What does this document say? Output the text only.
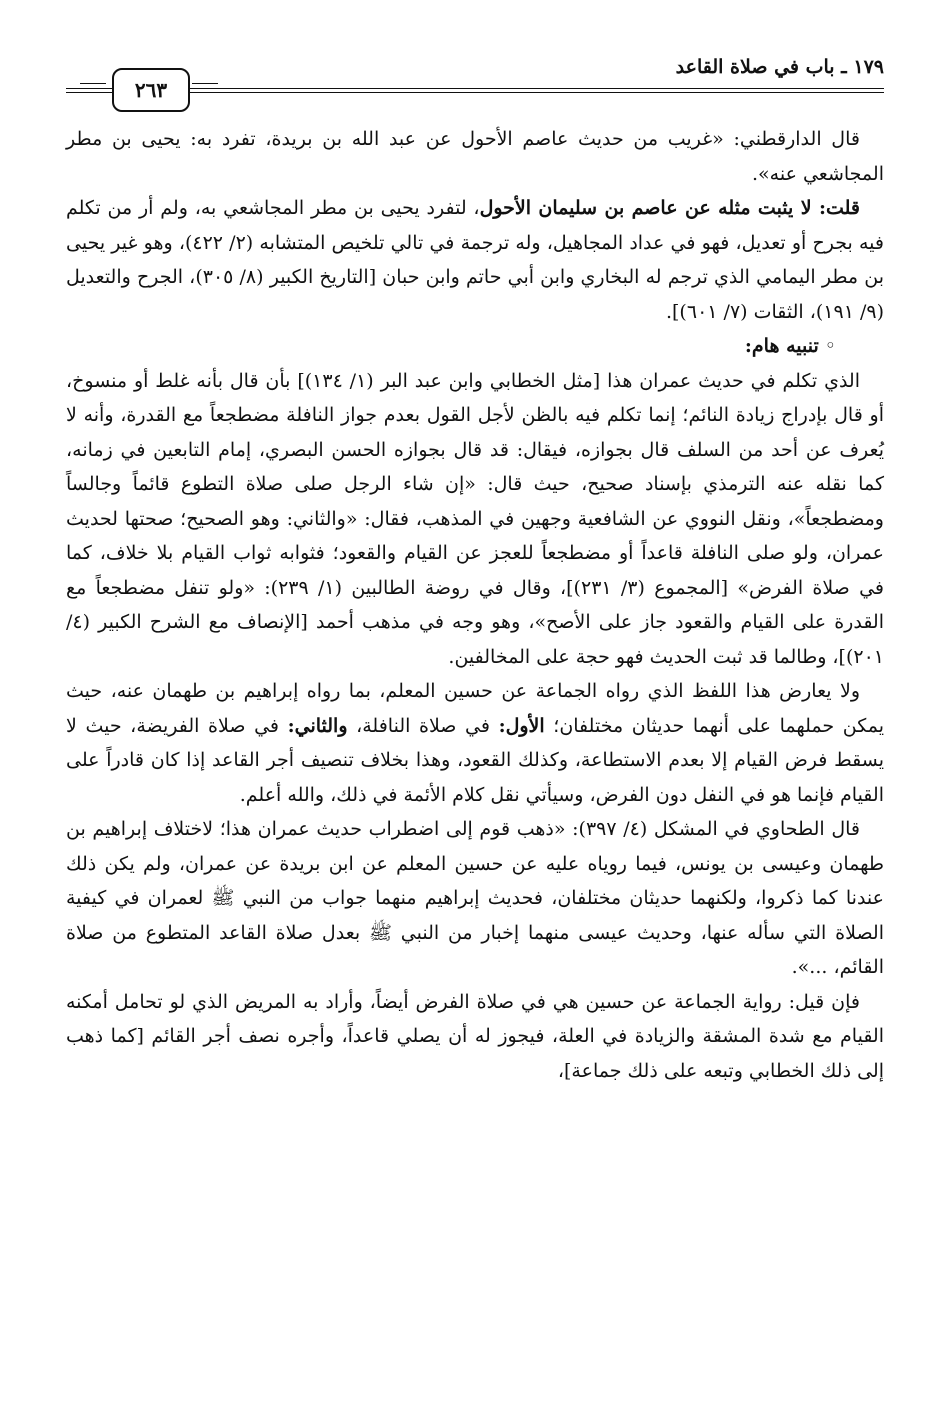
١٧٩ ـ باب في صلاة القاعد
٢٦٣

قال الدارقطني: «غريب من حديث عاصم الأحول عن عبد الله بن بريدة، تفرد به: يحيى بن مطر المجاشعي عنه».

قلت: لا يثبت مثله عن عاصم بن سليمان الأحول، لتفرد يحيى بن مطر المجاشعي به، ولم أر من تكلم فيه بجرح أو تعديل، فهو في عداد المجاهيل، وله ترجمة في تالي تلخيص المتشابه (٢/ ٤٢٢)، وهو غير يحيى بن مطر اليمامي الذي ترجم له البخاري وابن أبي حاتم وابن حبان [التاريخ الكبير (٨/ ٣٠٥)، الجرح والتعديل (٩/ ١٩١)، الثقات (٧/ ٦٠١)].

◦تنبيه هام:

الذي تكلم في حديث عمران هذا [مثل الخطابي وابن عبد البر (١/ ١٣٤)] بأن قال بأنه غلط أو منسوخ، أو قال بإدراج زيادة النائم؛ إنما تكلم فيه بالظن لأجل القول بعدم جواز النافلة مضطجعاً مع القدرة، وأنه لا يُعرف عن أحد من السلف قال بجوازه، فيقال: قد قال بجوازه الحسن البصري، إمام التابعين في زمانه، كما نقله عنه الترمذي بإسناد صحيح، حيث قال: «إن شاء الرجل صلى صلاة التطوع قائماً وجالساً ومضطجعاً»، ونقل النووي عن الشافعية وجهين في المذهب، فقال: «والثاني: وهو الصحيح؛ صحتها لحديث عمران، ولو صلى النافلة قاعداً أو مضطجعاً للعجز عن القيام والقعود؛ فثوابه ثواب القيام بلا خلاف، كما في صلاة الفرض» [المجموع (٣/ ٢٣١)]، وقال في روضة الطالبين (١/ ٢٣٩): «ولو تنفل مضطجعاً مع القدرة على القيام والقعود جاز على الأصح»، وهو وجه في مذهب أحمد [الإنصاف مع الشرح الكبير (٤/ ٢٠١)]، وطالما قد ثبت الحديث فهو حجة على المخالفين.

ولا يعارض هذا اللفظ الذي رواه الجماعة عن حسين المعلم، بما رواه إبراهيم بن طهمان عنه، حيث يمكن حملهما على أنهما حديثان مختلفان؛ الأول: في صلاة النافلة، والثاني: في صلاة الفريضة، حيث لا يسقط فرض القيام إلا بعدم الاستطاعة، وكذلك القعود، وهذا بخلاف تنصيف أجر القاعد إذا كان قادراً على القيام فإنما هو في النفل دون الفرض، وسيأتي نقل كلام الأئمة في ذلك، والله أعلم.

قال الطحاوي في المشكل (٤/ ٣٩٧): «ذهب قوم إلى اضطراب حديث عمران هذا؛ لاختلاف إبراهيم بن طهمان وعيسى بن يونس، فيما روياه عليه عن حسين المعلم عن ابن بريدة عن عمران، ولم يكن ذلك عندنا كما ذكروا، ولكنهما حديثان مختلفان، فحديث إبراهيم منهما جواب من النبي ﷺ لعمران في كيفية الصلاة التي سأله عنها، وحديث عيسى منهما إخبار من النبي ﷺ بعدل صلاة القاعد المتطوع من صلاة القائم، ...».

فإن قيل: رواية الجماعة عن حسين هي في صلاة الفرض أيضاً، وأراد به المريض الذي لو تحامل أمكنه القيام مع شدة المشقة والزيادة في العلة، فيجوز له أن يصلي قاعداً، وأجره نصف أجر القائم [كما ذهب إلى ذلك الخطابي وتبعه على ذلك جماعة]،
